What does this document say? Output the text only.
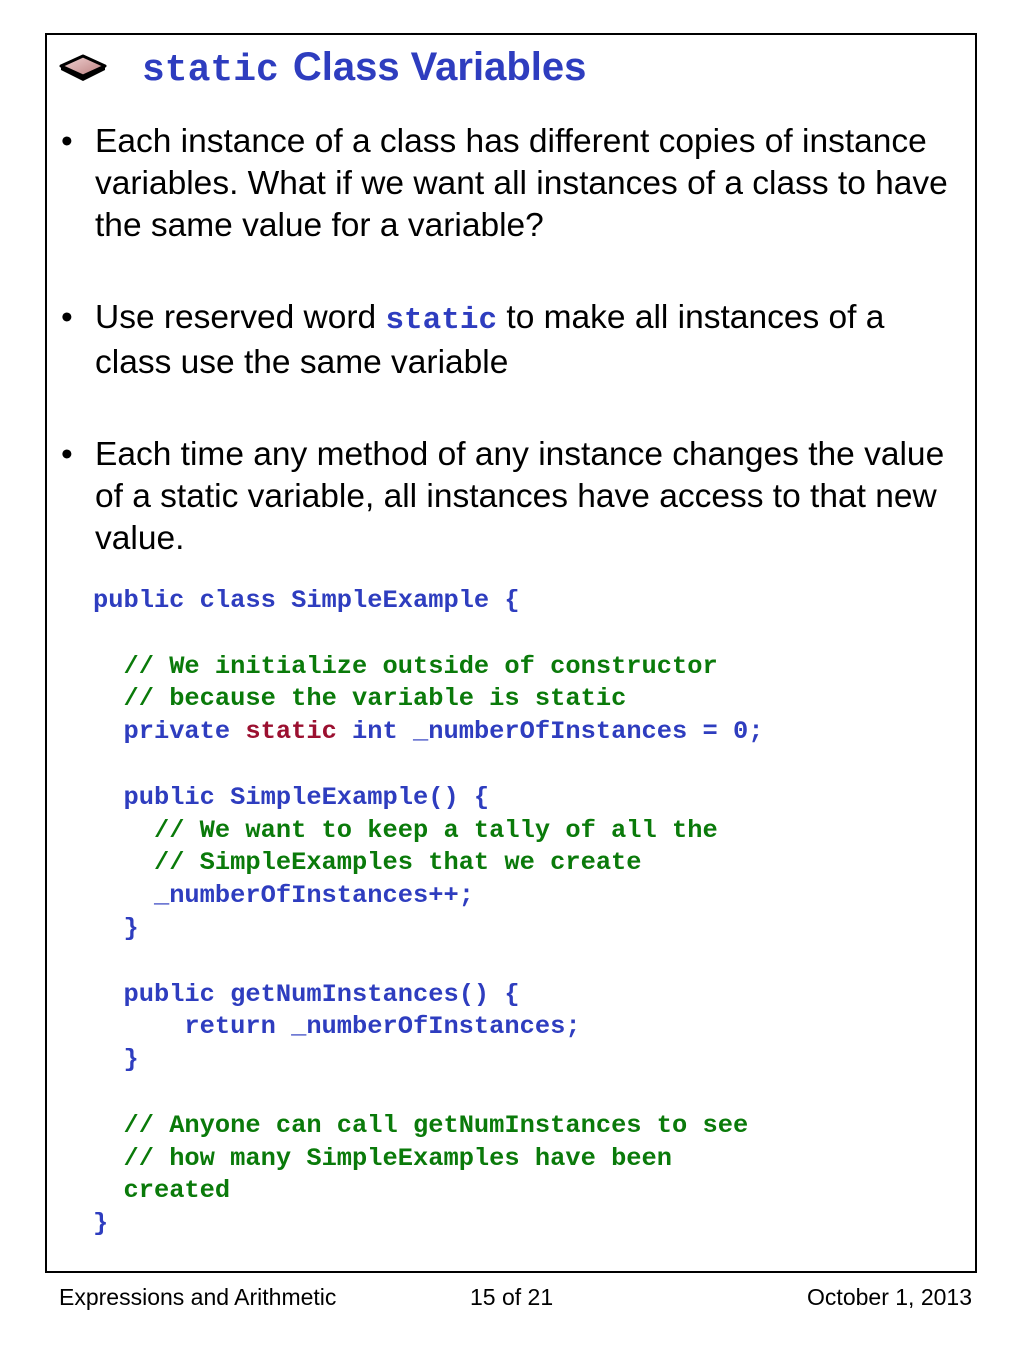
static Class Variables
• Each instance of a class has different copies of instance variables. What if we want all instances of a class to have the same value for a variable?
• Use reserved word static to make all instances of a class use the same variable
• Each time any method of any instance changes the value of a static variable, all instances have access to that new value.
public class SimpleExample {
// We initialize outside of constructor
// because the variable is static
private static int _numberOfInstances = 0;
public SimpleExample() {
// We want to keep a tally of all the
// SimpleExamples that we create
_numberOfInstances++;
}
public getNumInstances() {
return _numberOfInstances;
}
// Anyone can call getNumInstances to see
// how many SimpleExamples have been
created
}
Expressions and Arithmetic	15 of 21	October 1, 2013
